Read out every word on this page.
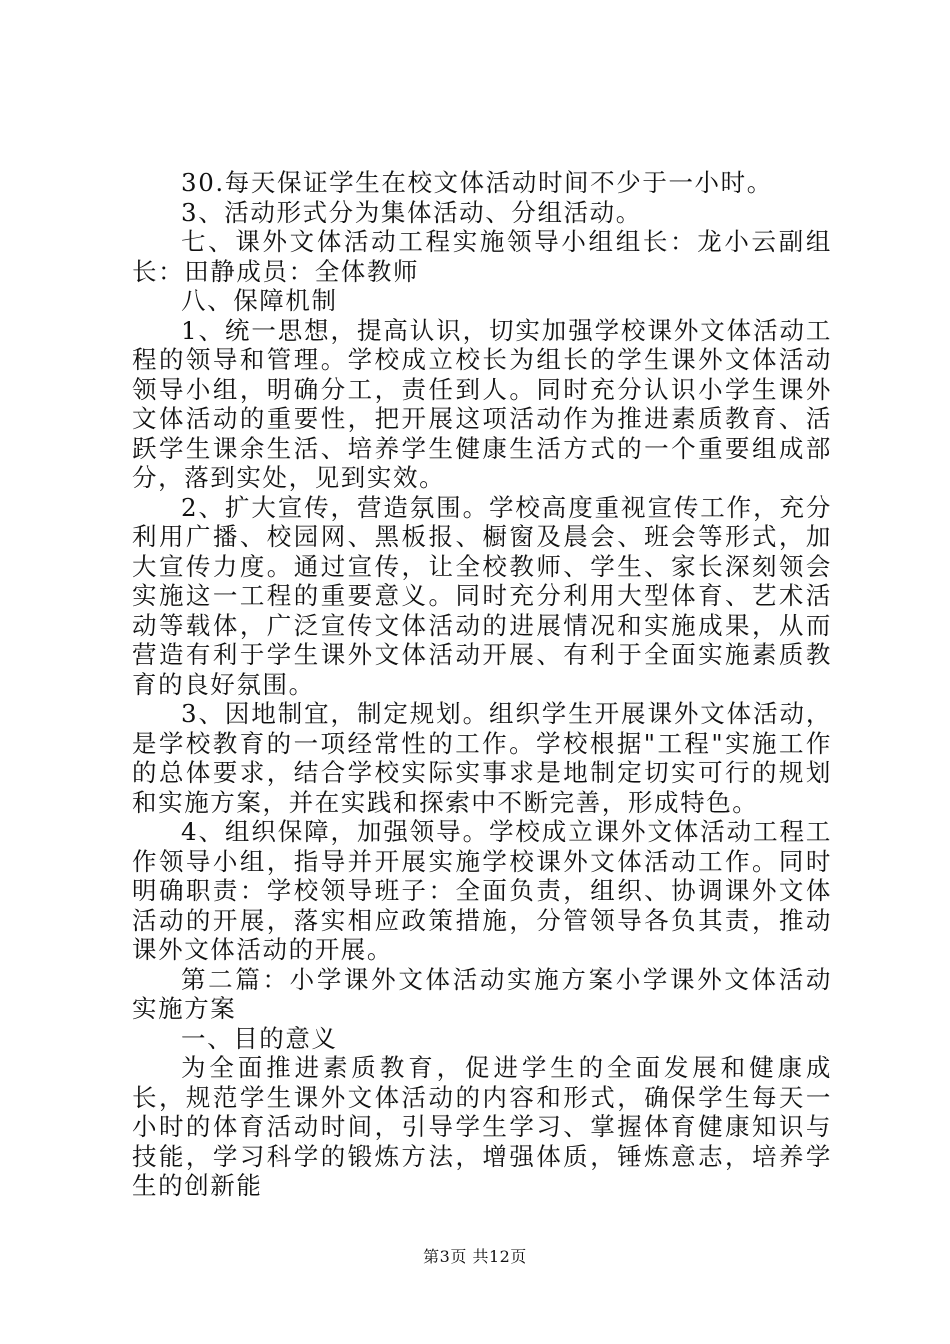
30.每天保证学生在校文体活动时间不少于一小时。

3、活动形式分为集体活动、分组活动。

七、课外文体活动工程实施领导小组组长：龙小云副组长：田静成员：全体教师

八、保障机制

1、统一思想，提高认识，切实加强学校课外文体活动工程的领导和管理。学校成立校长为组长的学生课外文体活动领导小组，明确分工，责任到人。同时充分认识小学生课外文体活动的重要性，把开展这项活动作为推进素质教育、活跃学生课余生活、培养学生健康生活方式的一个重要组成部分，落到实处，见到实效。

2、扩大宣传，营造氛围。学校高度重视宣传工作，充分利用广播、校园网、黑板报、橱窗及晨会、班会等形式，加大宣传力度。通过宣传，让全校教师、学生、家长深刻领会实施这一工程的重要意义。同时充分利用大型体育、艺术活动等载体，广泛宣传文体活动的进展情况和实施成果，从而营造有利于学生课外文体活动开展、有利于全面实施素质教育的良好氛围。

3、因地制宜，制定规划。组织学生开展课外文体活动，是学校教育的一项经常性的工作。学校根据"工程"实施工作的总体要求，结合学校实际实事求是地制定切实可行的规划和实施方案，并在实践和探索中不断完善，形成特色。

4、组织保障，加强领导。学校成立课外文体活动工程工作领导小组，指导并开展实施学校课外文体活动工作。同时明确职责：学校领导班子：全面负责，组织、协调课外文体活动的开展，落实相应政策措施，分管领导各负其责，推动课外文体活动的开展。

第二篇：小学课外文体活动实施方案小学课外文体活动实施方案

一、目的意义

为全面推进素质教育，促进学生的全面发展和健康成长，规范学生课外文体活动的内容和形式，确保学生每天一小时的体育活动时间，引导学生学习、掌握体育健康知识与技能，学习科学的锻炼方法，增强体质，锤炼意志，培养学生的创新能

第3页 共12页
